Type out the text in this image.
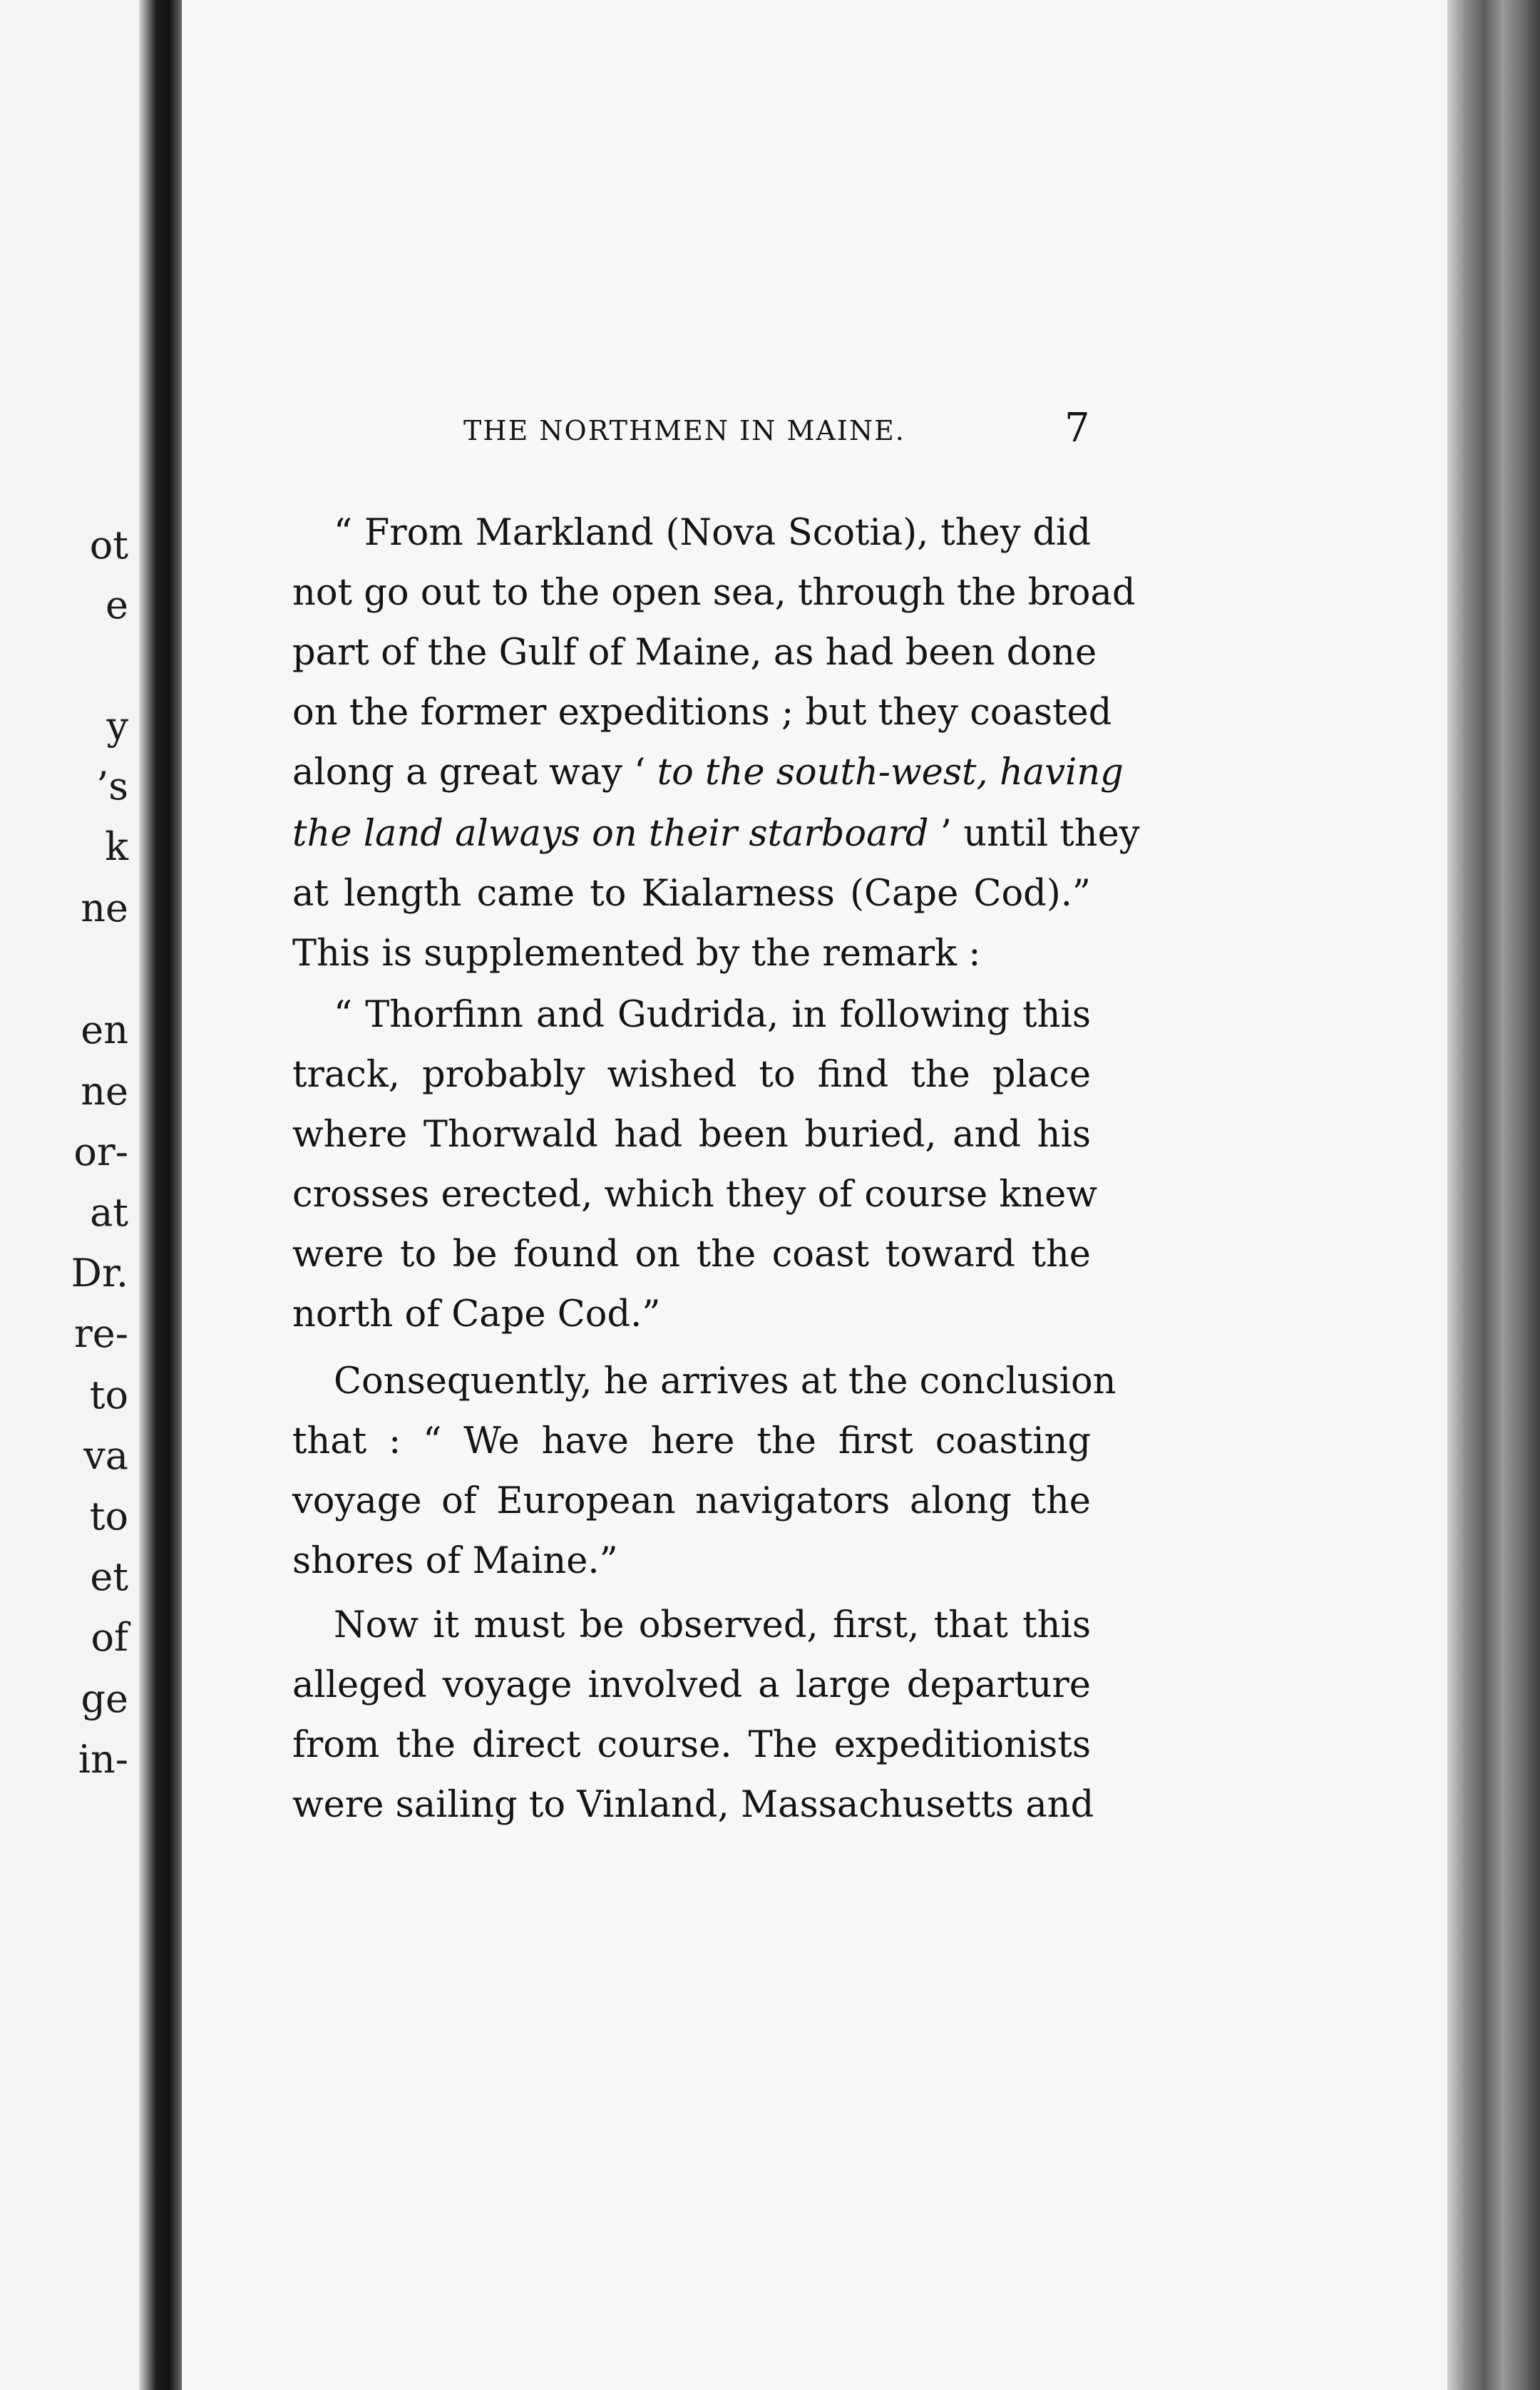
ot
e
y
’s
k
ne
en
ne
or-
at
Dr.
re-
to
va
to
et
of
ge
in-
THE NORTHMEN IN MAINE.	7
“ From Markland (Nova Scotia), they did
not go out to the open sea, through the broad
part of the Gulf of Maine, as had been done
on the former expeditions ; but they coasted
along a great way ‘ to the south-west, having
the land always on their starboard ’ until they
at length came to Kialarness (Cape Cod).”
This is supplemented by the remark :
“ Thorfinn and Gudrida, in following this
track, probably wished to find the place
where Thorwald had been buried, and his
crosses erected, which they of course knew
were to be found on the coast toward the
north of Cape Cod.”
Consequently, he arrives at the conclusion
that : “ We have here the first coasting
voyage of European navigators along the
shores of Maine.”
Now it must be observed, first, that this
alleged voyage involved a large departure
from the direct course. The expeditionists
were sailing to Vinland, Massachusetts and
